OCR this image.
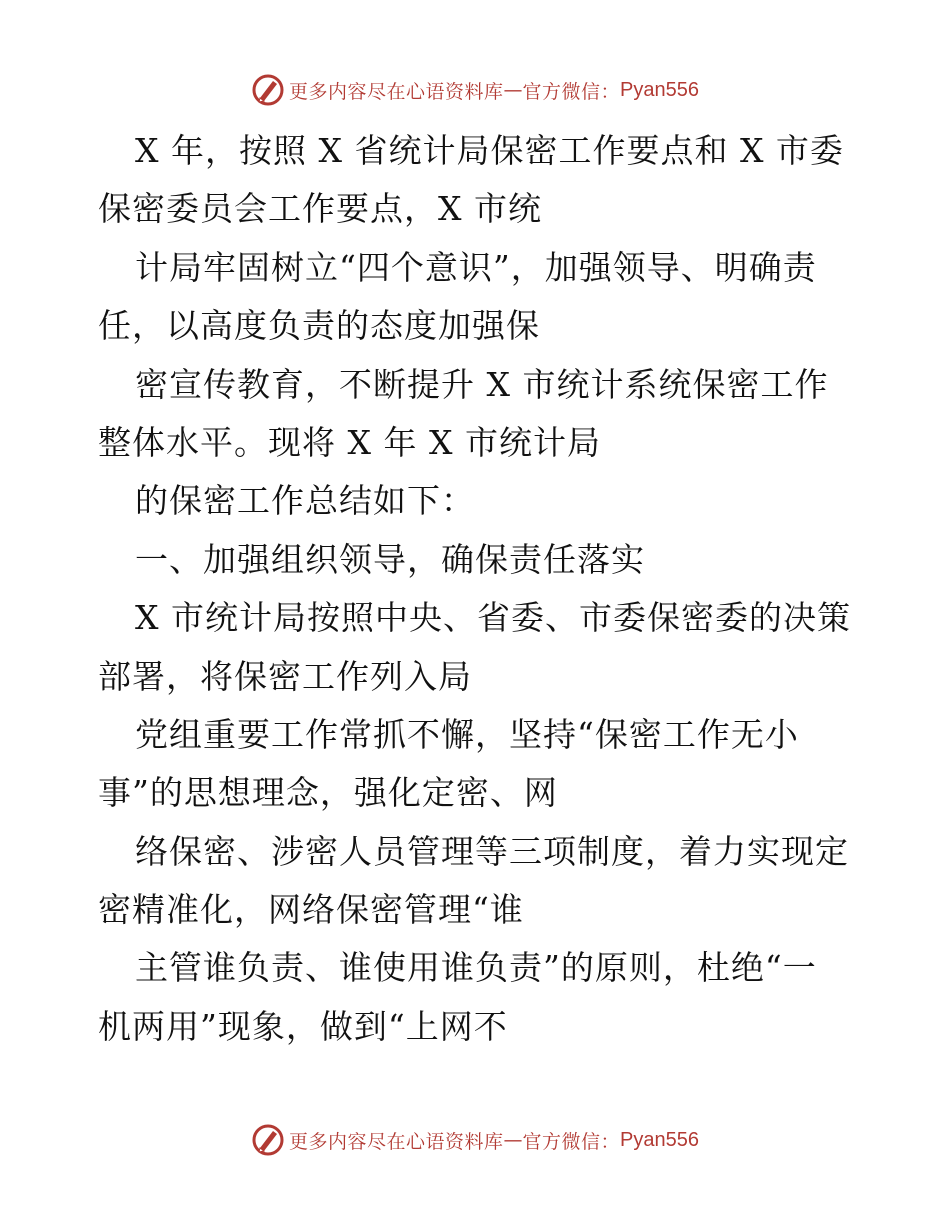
更多内容尽在心语资料库 — 官方微信： Pyan556
X 年，按照 X 省统计局保密工作要点和 X 市委
保密委员会工作要点，X 市统
计局牢固树立“四个意识”，加强领导、明确责
任，以高度负责的态度加强保
密宣传教育，不断提升 X 市统计系统保密工作
整体水平。现将 X 年 X 市统计局
的保密工作总结如下：
一、加强组织领导，确保责任落实
X 市统计局按照中央、省委、市委保密委的决策
部署，将保密工作列入局
党组重要工作常抓不懈，坚持“保密工作无小
事”的思想理念，强化定密、网
络保密、涉密人员管理等三项制度，着力实现定
密精准化，网络保密管理“谁
主管谁负责、谁使用谁负责”的原则，杜绝“一
机两用”现象，做到“上网不
更多内容尽在心语资料库 — 官方微信： Pyan556
